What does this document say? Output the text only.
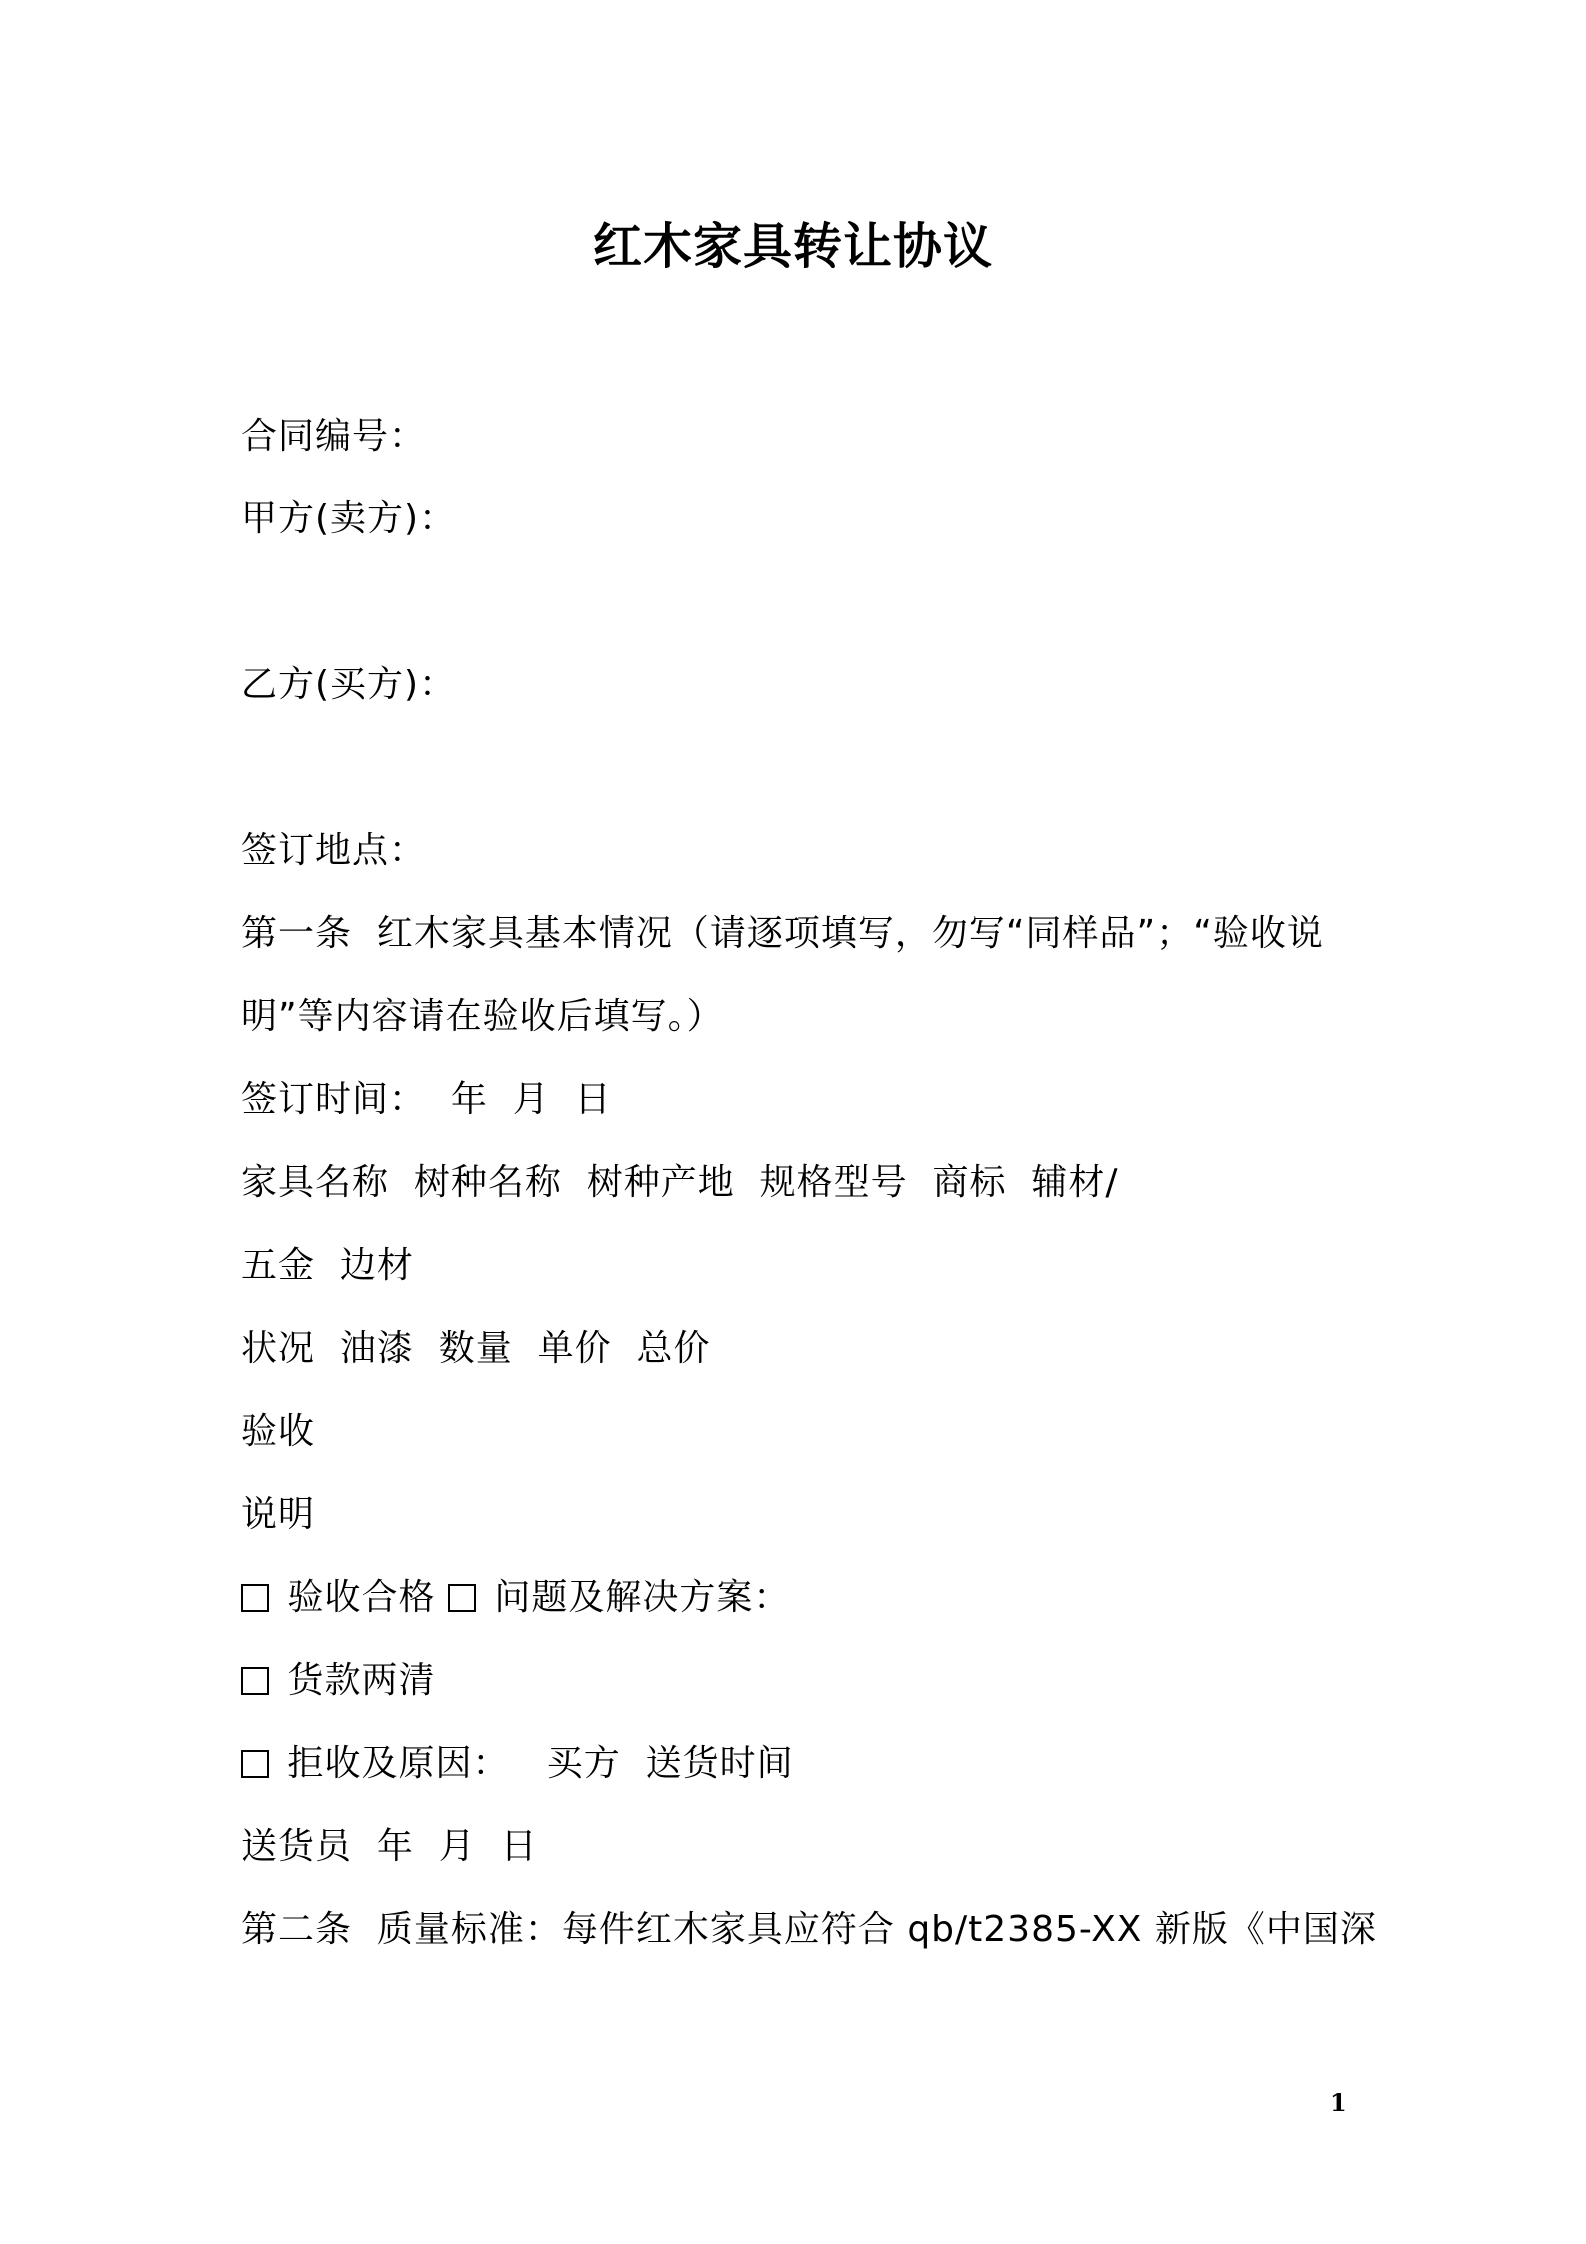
红木家具转让协议
合同编号：
甲方(卖方)：
乙方(买方)：
签订地点：
第一条  红木家具基本情况（请逐项填写，勿写“同样品”；“验收说
明”等内容请在验收后填写。）
签订时间：  年  月  日
家具名称  树种名称  树种产地  规格型号  商标  辅材/
五金  边材
状况  油漆  数量  单价  总价
验收
说明
验收合格 问题及解决方案：
货款两清
拒收及原因：   买方  送货时间
送货员  年  月  日
第二条  质量标准：每件红木家具应符合 qb/t2385-XX 新版《中国深
1
